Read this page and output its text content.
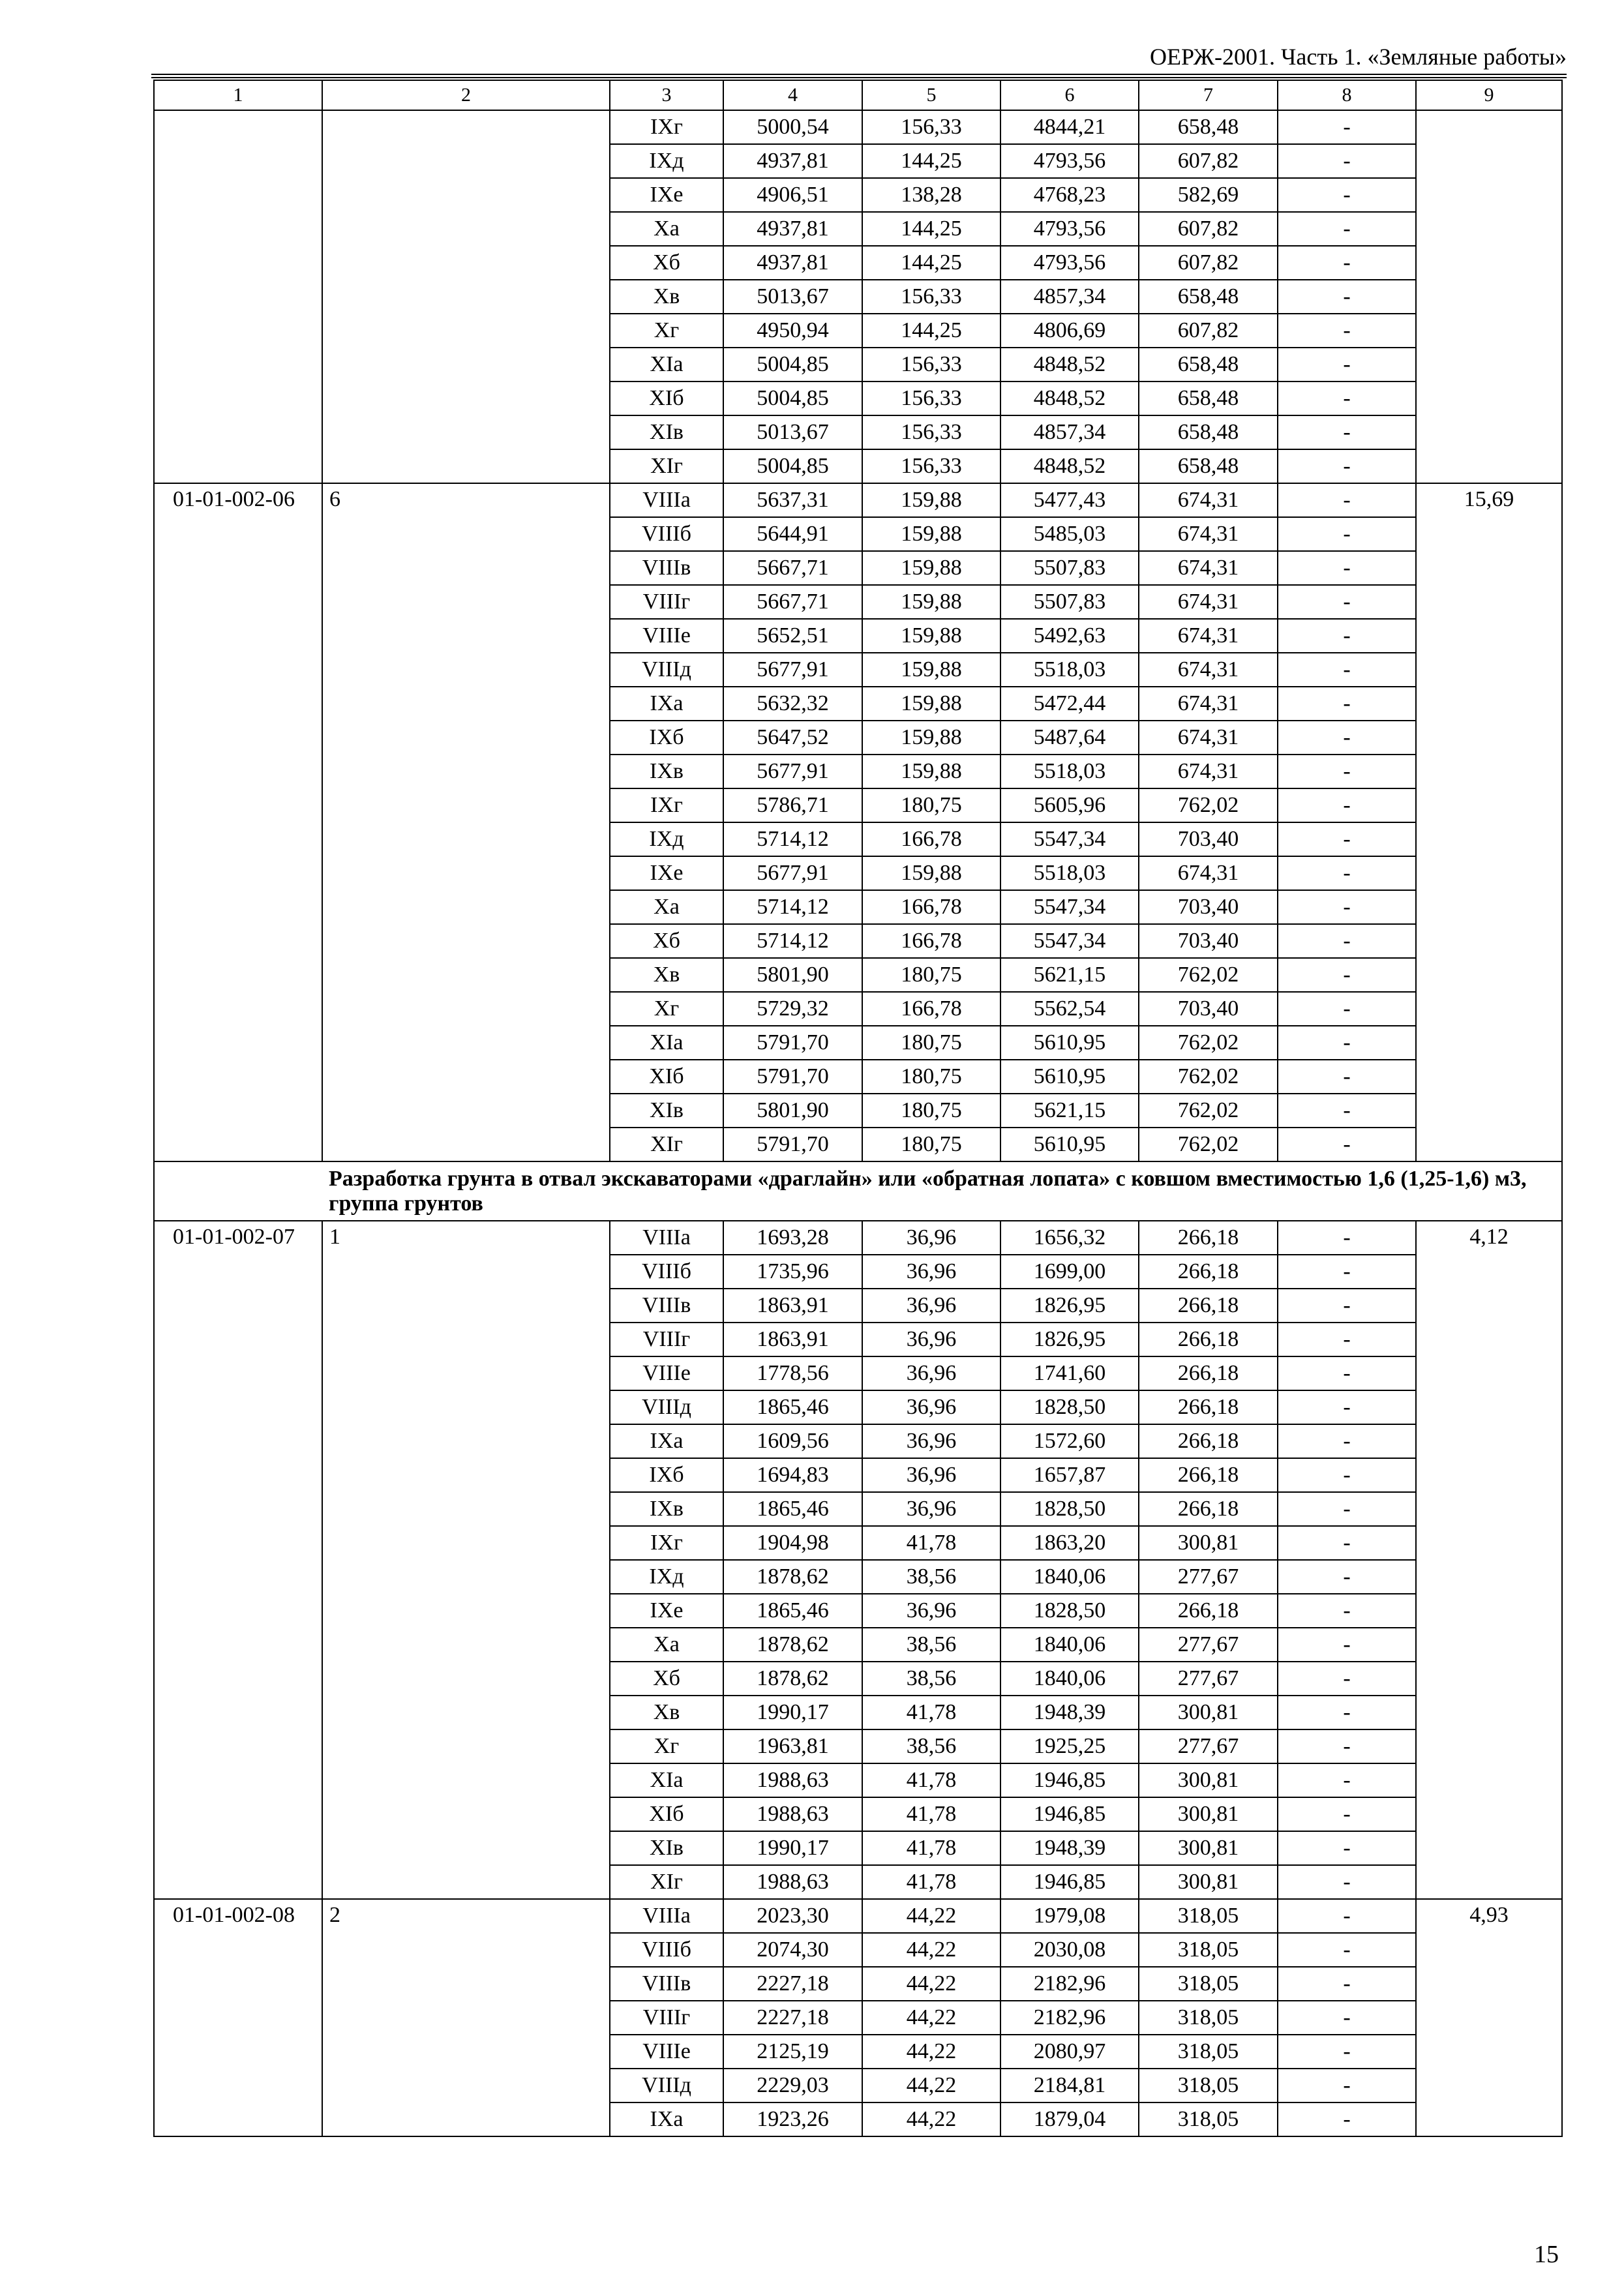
ОЕРЖ-2001. Часть 1. «Земляные работы»
1	2	3	4	5	6	7	8	9
		IXг	5000,54	156,33	4844,21	658,48	-	
		IXд	4937,81	144,25	4793,56	607,82	-	
		IXе	4906,51	138,28	4768,23	582,69	-	
		Xа	4937,81	144,25	4793,56	607,82	-	
		Xб	4937,81	144,25	4793,56	607,82	-	
		Xв	5013,67	156,33	4857,34	658,48	-	
		Xг	4950,94	144,25	4806,69	607,82	-	
		XIа	5004,85	156,33	4848,52	658,48	-	
		XIб	5004,85	156,33	4848,52	658,48	-	
		XIв	5013,67	156,33	4857,34	658,48	-	
		XIг	5004,85	156,33	4848,52	658,48	-	
01-01-002-06	6	VIIIа	5637,31	159,88	5477,43	674,31	-	15,69
		VIIIб	5644,91	159,88	5485,03	674,31	-	
		VIIIв	5667,71	159,88	5507,83	674,31	-	
		VIIIг	5667,71	159,88	5507,83	674,31	-	
		VIIIе	5652,51	159,88	5492,63	674,31	-	
		VIIIд	5677,91	159,88	5518,03	674,31	-	
		IXа	5632,32	159,88	5472,44	674,31	-	
		IXб	5647,52	159,88	5487,64	674,31	-	
		IXв	5677,91	159,88	5518,03	674,31	-	
		IXг	5786,71	180,75	5605,96	762,02	-	
		IXд	5714,12	166,78	5547,34	703,40	-	
		IXе	5677,91	159,88	5518,03	674,31	-	
		Xа	5714,12	166,78	5547,34	703,40	-	
		Xб	5714,12	166,78	5547,34	703,40	-	
		Xв	5801,90	180,75	5621,15	762,02	-	
		Xг	5729,32	166,78	5562,54	703,40	-	
		XIа	5791,70	180,75	5610,95	762,02	-	
		XIб	5791,70	180,75	5610,95	762,02	-	
		XIв	5801,90	180,75	5621,15	762,02	-	
		XIг	5791,70	180,75	5610,95	762,02	-	
	Разработка грунта в отвал экскаваторами «драглайн» или «обратная лопата» с ковшом вместимостью 1,6 (1,25-1,6) м3, группа грунтов							
01-01-002-07	1	VIIIа	1693,28	36,96	1656,32	266,18	-	4,12
		VIIIб	1735,96	36,96	1699,00	266,18	-	
		VIIIв	1863,91	36,96	1826,95	266,18	-	
		VIIIг	1863,91	36,96	1826,95	266,18	-	
		VIIIе	1778,56	36,96	1741,60	266,18	-	
		VIIIд	1865,46	36,96	1828,50	266,18	-	
		IXа	1609,56	36,96	1572,60	266,18	-	
		IXб	1694,83	36,96	1657,87	266,18	-	
		IXв	1865,46	36,96	1828,50	266,18	-	
		IXг	1904,98	41,78	1863,20	300,81	-	
		IXд	1878,62	38,56	1840,06	277,67	-	
		IXе	1865,46	36,96	1828,50	266,18	-	
		Xа	1878,62	38,56	1840,06	277,67	-	
		Xб	1878,62	38,56	1840,06	277,67	-	
		Xв	1990,17	41,78	1948,39	300,81	-	
		Xг	1963,81	38,56	1925,25	277,67	-	
		XIа	1988,63	41,78	1946,85	300,81	-	
		XIб	1988,63	41,78	1946,85	300,81	-	
		XIв	1990,17	41,78	1948,39	300,81	-	
		XIг	1988,63	41,78	1946,85	300,81	-	
01-01-002-08	2	VIIIа	2023,30	44,22	1979,08	318,05	-	4,93
		VIIIб	2074,30	44,22	2030,08	318,05	-	
		VIIIв	2227,18	44,22	2182,96	318,05	-	
		VIIIг	2227,18	44,22	2182,96	318,05	-	
		VIIIе	2125,19	44,22	2080,97	318,05	-	
		VIIIд	2229,03	44,22	2184,81	318,05	-	
		IXа	1923,26	44,22	1879,04	318,05	-	
15
